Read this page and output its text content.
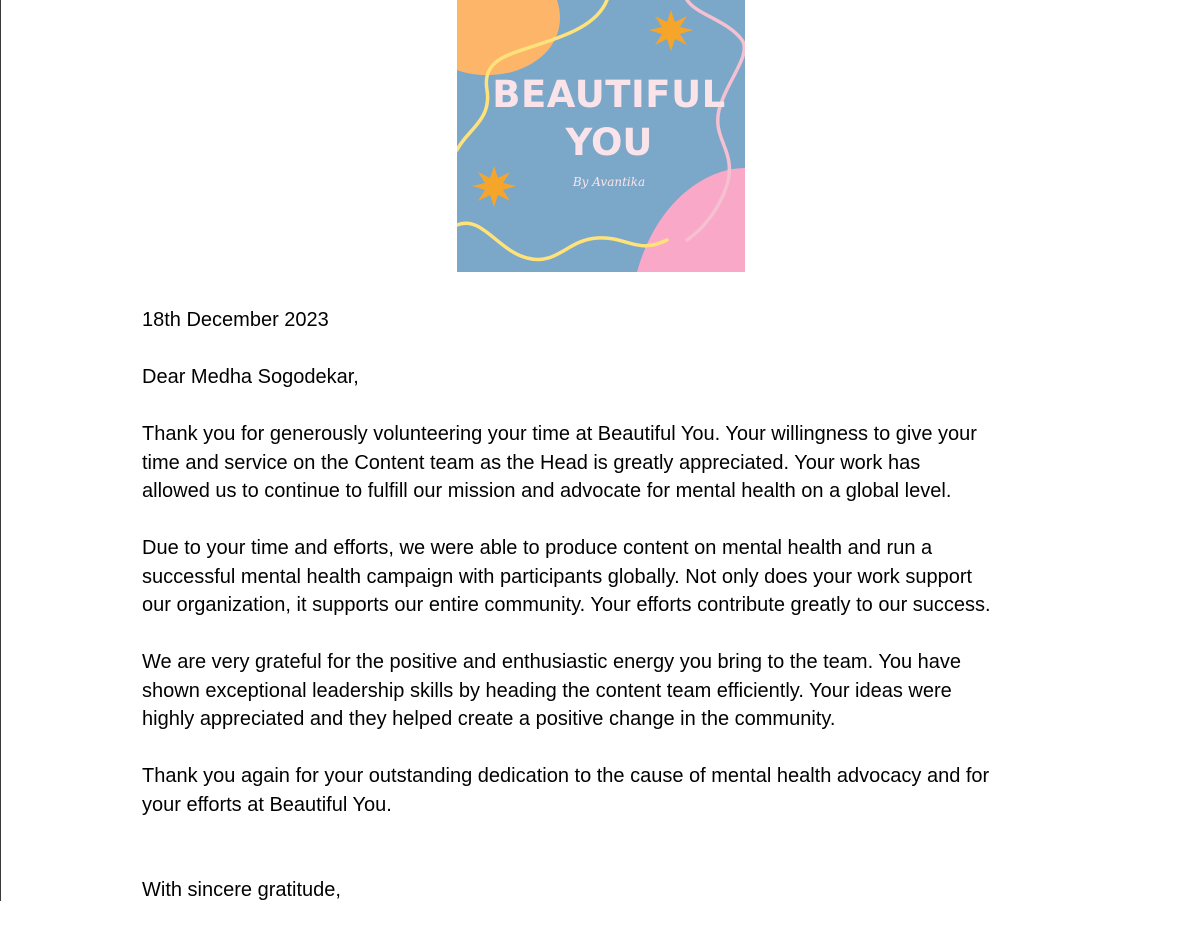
BEAUTIFUL
YOU
By Avantika

18th December 2023

Dear Medha Sogodekar,

Thank you for generously volunteering your time at Beautiful You. Your willingness to give your
time and service on the Content team as the Head is greatly appreciated. Your work has
allowed us to continue to fulfill our mission and advocate for mental health on a global level.

Due to your time and efforts, we were able to produce content on mental health and run a
successful mental health campaign with participants globally. Not only does your work support
our organization, it supports our entire community. Your efforts contribute greatly to our success.

We are very grateful for the positive and enthusiastic energy you bring to the team. You have
shown exceptional leadership skills by heading the content team efficiently. Your ideas were
highly appreciated and they helped create a positive change in the community.

Thank you again for your outstanding dedication to the cause of mental health advocacy and for
your efforts at Beautiful You.

With sincere gratitude,
